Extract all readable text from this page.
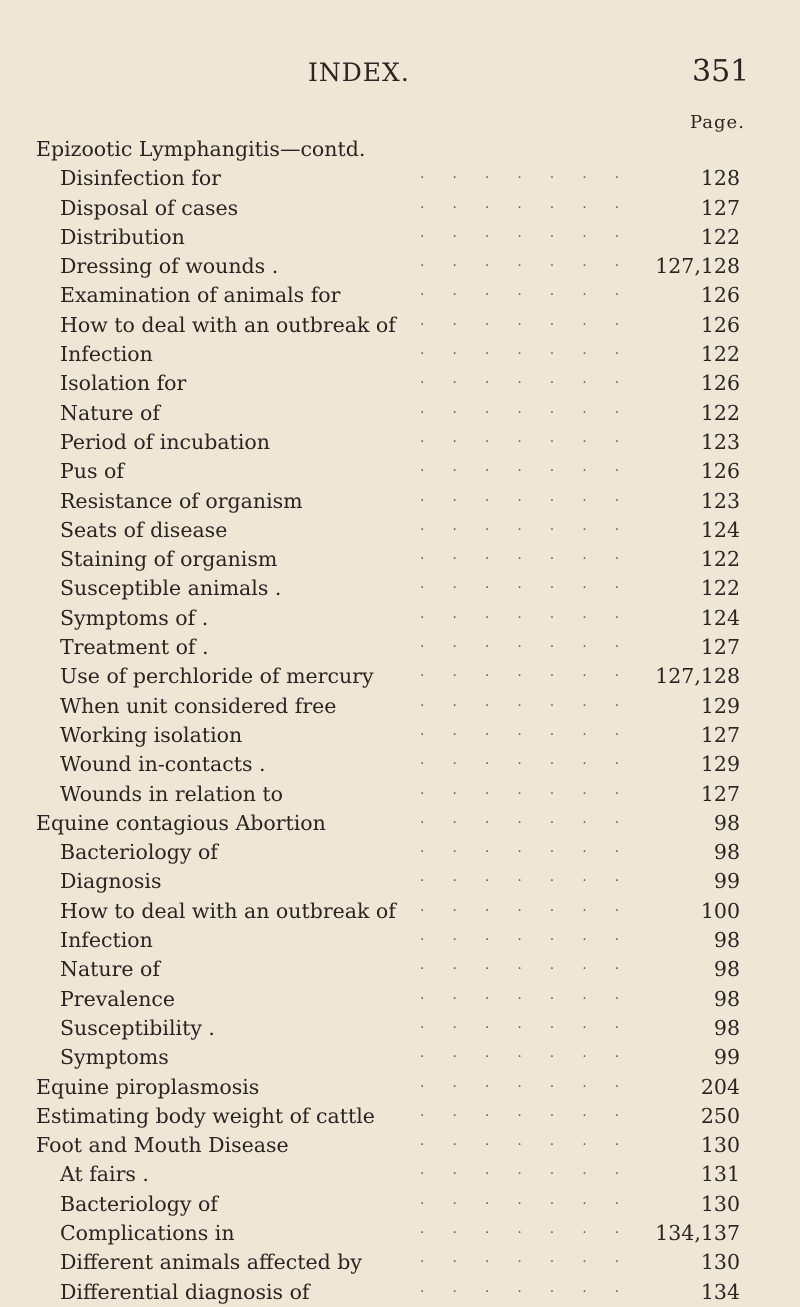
INDEX.	351
Page.
Epizootic Lymphangitis—contd.
Disinfection for	·······	128
Disposal of cases	·······	127
Distribution	·······	122
Dressing of wounds .	······· 127,128
Examination of animals for	·······	126
How to deal with an outbreak of ·······	126
Infection	·······	122
Isolation for	·······	126
Nature of	·······	122
Period of incubation	·······	123
Pus of	·······	126
Resistance of organism	·······	123
Seats of disease	·······	124
Staining of organism	·······	122
Susceptible animals .	·······	122
Symptoms of .	·······	124
Treatment of .	·······	127
Use of perchloride of mercury	······· 127,128
When unit considered free	·······	129
Working isolation	·······	127
Wound in-contacts .	·······	129
Wounds in relation to	·······	127
Equine contagious Abortion	·······	98
Bacteriology of	·······	98
Diagnosis	·······	99
How to deal with an outbreak of ·······	100
Infection	·······	98
Nature of	·······	98
Prevalence	·······	98
Susceptibility .	·······	98
Symptoms	·······	99
Equine piroplasmosis	·······	204
Estimating body weight of cattle	·······	250
Foot and Mouth Disease	·······	130
At fairs .	·······	131
Bacteriology of	·······	130
Complications in	······· 134,137
Different animals affected by	·······	130
Differential diagnosis of	·······	134
